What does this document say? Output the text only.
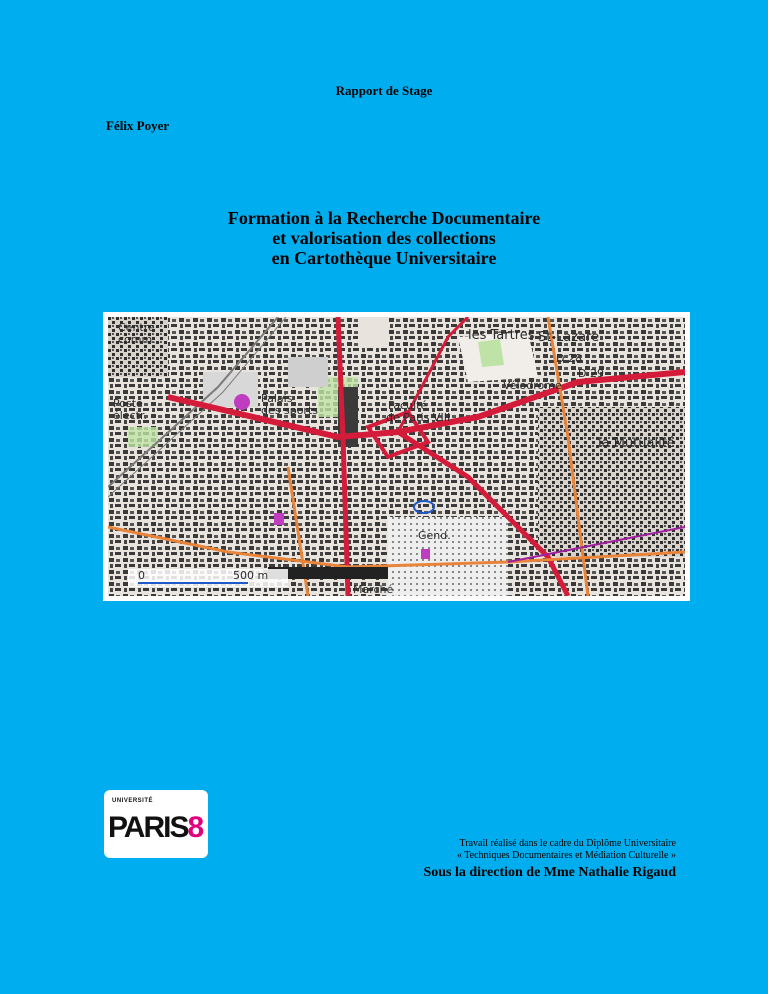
Rapport de Stage
Félix Poyer
Formation à la Recherche Documentaire
et valorisation des collections
en Cartothèque Universitaire
les Tartres St-Lazare
Vélodrome
Palais
des sports	Faculté
de Paris VIII
Centre
comm.
Poste
électr.
Marché
Gend.
la Mutualité
D 29
D 28
0	500 m
UNIVERSITÉ
PARIS8	Travail réalisé dans le cadre du Diplôme Universitaire
« Techniques Documentaires et Médiation Culturelle »
Sous la direction de Mme Nathalie Rigaud
